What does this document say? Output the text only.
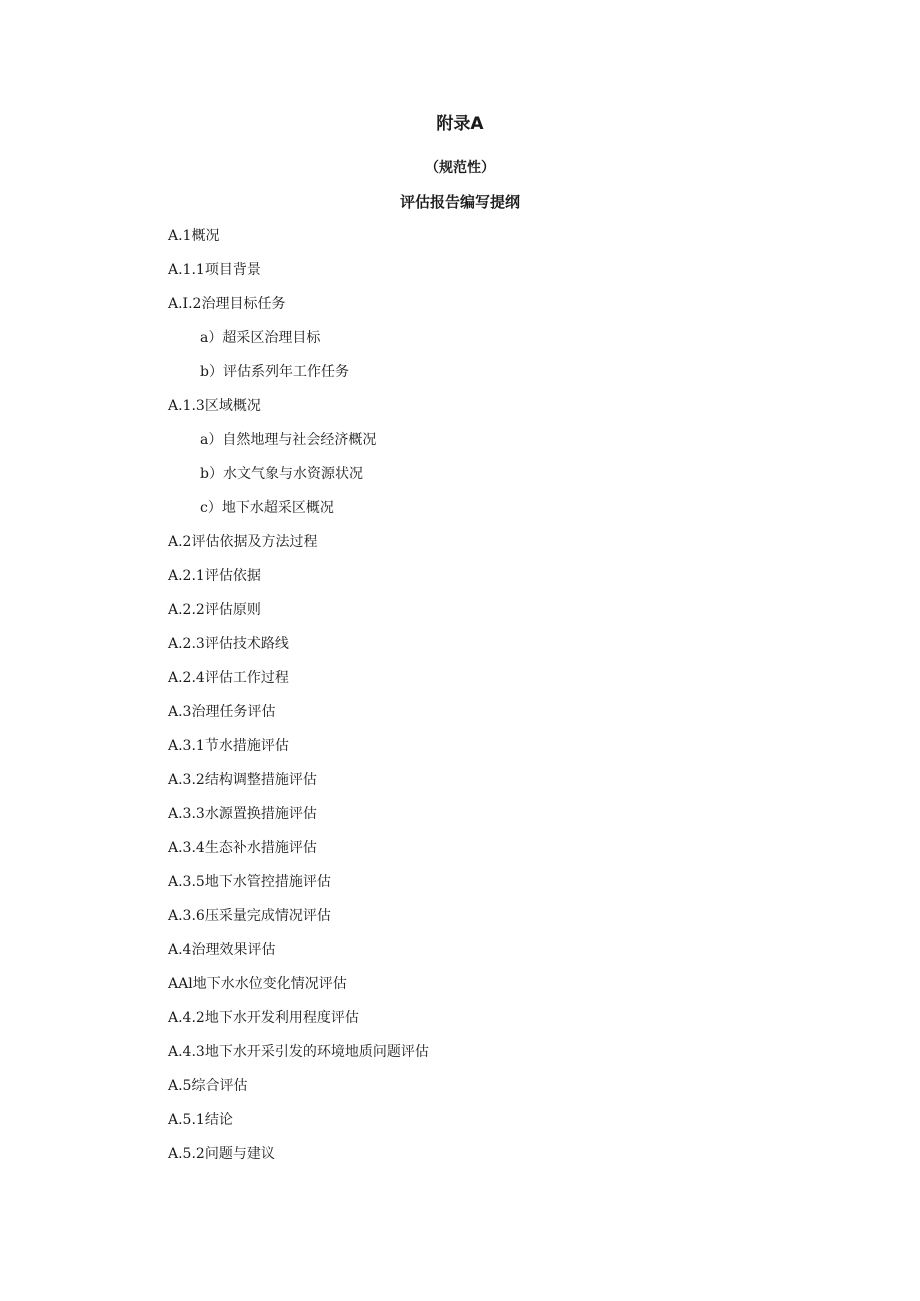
附录A
（规范性）
评估报告编写提纲
A.1概况
A.1.1项目背景
A.I.2治理目标任务
a）超采区治理目标
b）评估系列年工作任务
A.1.3区域概况
a）自然地理与社会经济概况
b）水文气象与水资源状况
c）地下水超采区概况
A.2评估依据及方法过程
A.2.1评估依据
A.2.2评估原则
A.2.3评估技术路线
A.2.4评估工作过程
A.3治理任务评估
A.3.1节水措施评估
A.3.2结构调整措施评估
A.3.3水源置换措施评估
A.3.4生态补水措施评估
A.3.5地下水管控措施评估
A.3.6压采量完成情况评估
A.4治理效果评估
AAl地下水水位变化情况评估
A.4.2地下水开发利用程度评估
A.4.3地下水开采引发的环境地质问题评估
A.5综合评估
A.5.1结论
A.5.2问题与建议
